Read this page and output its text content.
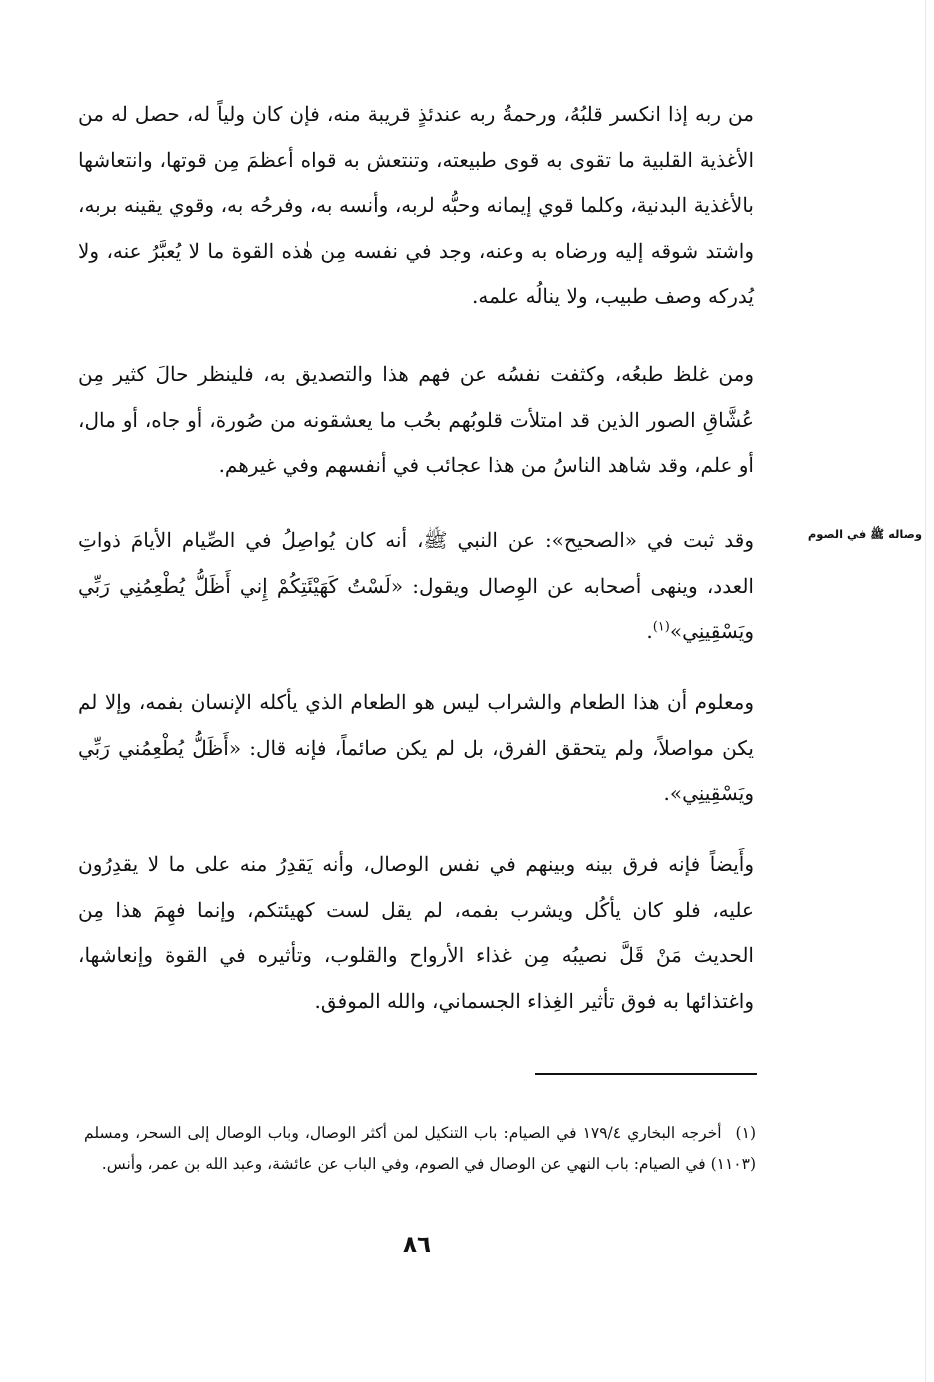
من ربه إذا انكسر قلبُهُ، ورحمةُ ربه عندئذٍ قريبة منه، فإن كان ولياً له، حصل له من الأغذية القلبية ما تقوى به قوى طبيعته، وتنتعش به قواه أعظمَ مِن قوتها، وانتعاشها بالأغذية البدنية، وكلما قوي إيمانه وحبُّه لربه، وأنسه به، وفرحُه به، وقوي يقينه بربه، واشتد شوقه إليه ورضاه به وعنه، وجد في نفسه مِن هٰذه القوة ما لا يُعبَّرُ عنه، ولا يُدركه وصف طبيب، ولا ينالُه علمه.

ومن غلظ طبعُه، وكثفت نفسُه عن فهم هذا والتصديق به، فلينظر حالَ كثير مِن عُشَّاقِ الصور الذين قد امتلأت قلوبُهم بحُب ما يعشقونه من صُورة، أو جاه، أو مال، أو علم، وقد شاهد الناسُ من هذا عجائب في أنفسهم وفي غيرهم.

وصاله ﷺ في الصوم

وقد ثبت في «الصحيح»: عن النبي ﷺ، أنه كان يُواصِلُ في الصِّيام الأيامَ ذواتِ العدد، وينهى أصحابه عن الوِصال ويقول: «لَسْتُ كَهَيْئَتِكُمْ إِني أَظَلُّ يُطْعِمُنِي رَبِّي ويَسْقِينِي»$^{(١)}$.

ومعلوم أن هذا الطعام والشراب ليس هو الطعام الذي يأكله الإنسان بفمه، وإلا لم يكن مواصلاً، ولم يتحقق الفرق، بل لم يكن صائماً، فإنه قال: «أَظَلُّ يُطْعِمُني رَبِّي ويَسْقِينِي».

وأَيضاً فإنه فرق بينه وبينهم في نفس الوصال، وأنه يَقدِرُ منه على ما لا يقدِرُون عليه، فلو كان يأكُل ويشرب بفمه، لم يقل لست كهيئتكم، وإنما فهِمَ هذا مِن الحديث مَنْ قَلَّ نصيبُه مِن غذاء الأرواح والقلوب، وتأثيره في القوة وإنعاشها، واغتذائها به فوق تأثير الغِذاء الجسماني، والله الموفق.

(١)أخرجه البخاري ١٧٩/٤ في الصيام: باب التنكيل لمن أكثر الوصال، وباب الوصال إلى السحر، ومسلم (١١٠٣) في الصيام: باب النهي عن الوصال في الصوم، وفي الباب عن عائشة، وعبد الله بن عمر، وأنس.
٨٦
